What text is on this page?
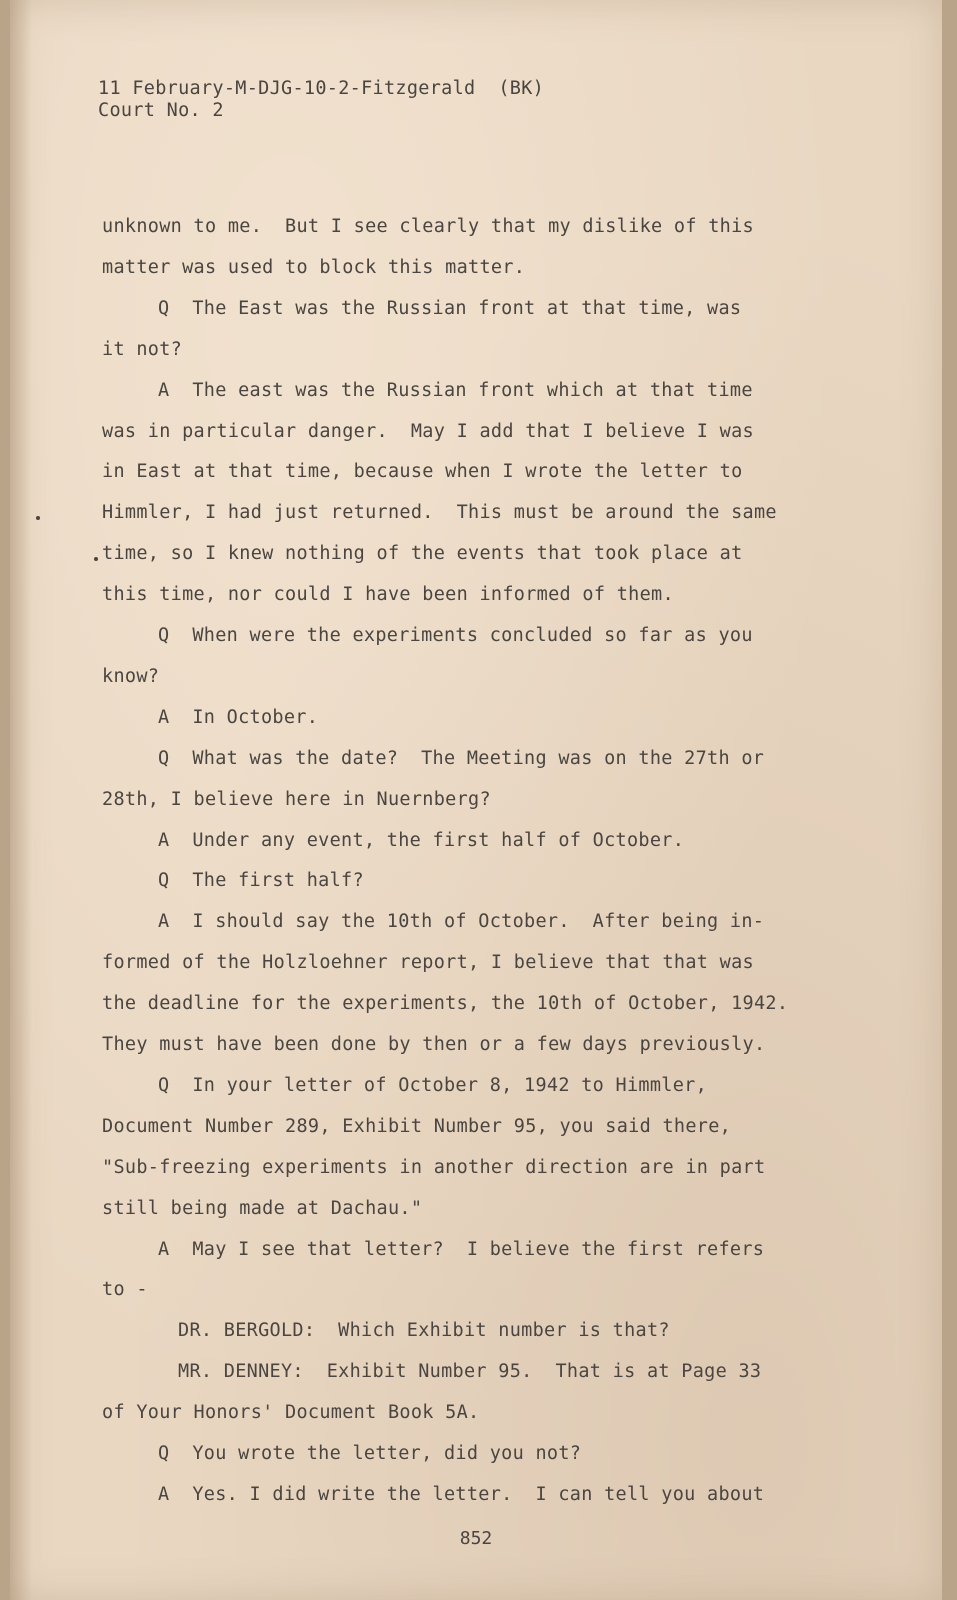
11 February-M-DJG-10-2-Fitzgerald  (BK)
Court No. 2
unknown to me.  But I see clearly that my dislike of this
matter was used to block this matter.
Q  The East was the Russian front at that time, was
it not?
A  The east was the Russian front which at that time
was in particular danger.  May I add that I believe I was
in East at that time, because when I wrote the letter to
Himmler, I had just returned.  This must be around the same
time, so I knew nothing of the events that took place at
this time, nor could I have been informed of them.
Q  When were the experiments concluded so far as you
know?
A  In October.
Q  What was the date?  The Meeting was on the 27th or
28th, I believe here in Nuernberg?
A  Under any event, the first half of October.
Q  The first half?
A  I should say the 10th of October.  After being in-
formed of the Holzloehner report, I believe that that was
the deadline for the experiments, the 10th of October, 1942.
They must have been done by then or a few days previously.
Q  In your letter of October 8, 1942 to Himmler,
Document Number 289, Exhibit Number 95, you said there,
"Sub-freezing experiments in another direction are in part
still being made at Dachau."
A  May I see that letter?  I believe the first refers
to -
DR. BERGOLD:  Which Exhibit number is that?
MR. DENNEY:  Exhibit Number 95.  That is at Page 33
of Your Honors' Document Book 5A.
Q  You wrote the letter, did you not?
A  Yes. I did write the letter.  I can tell you about
852
